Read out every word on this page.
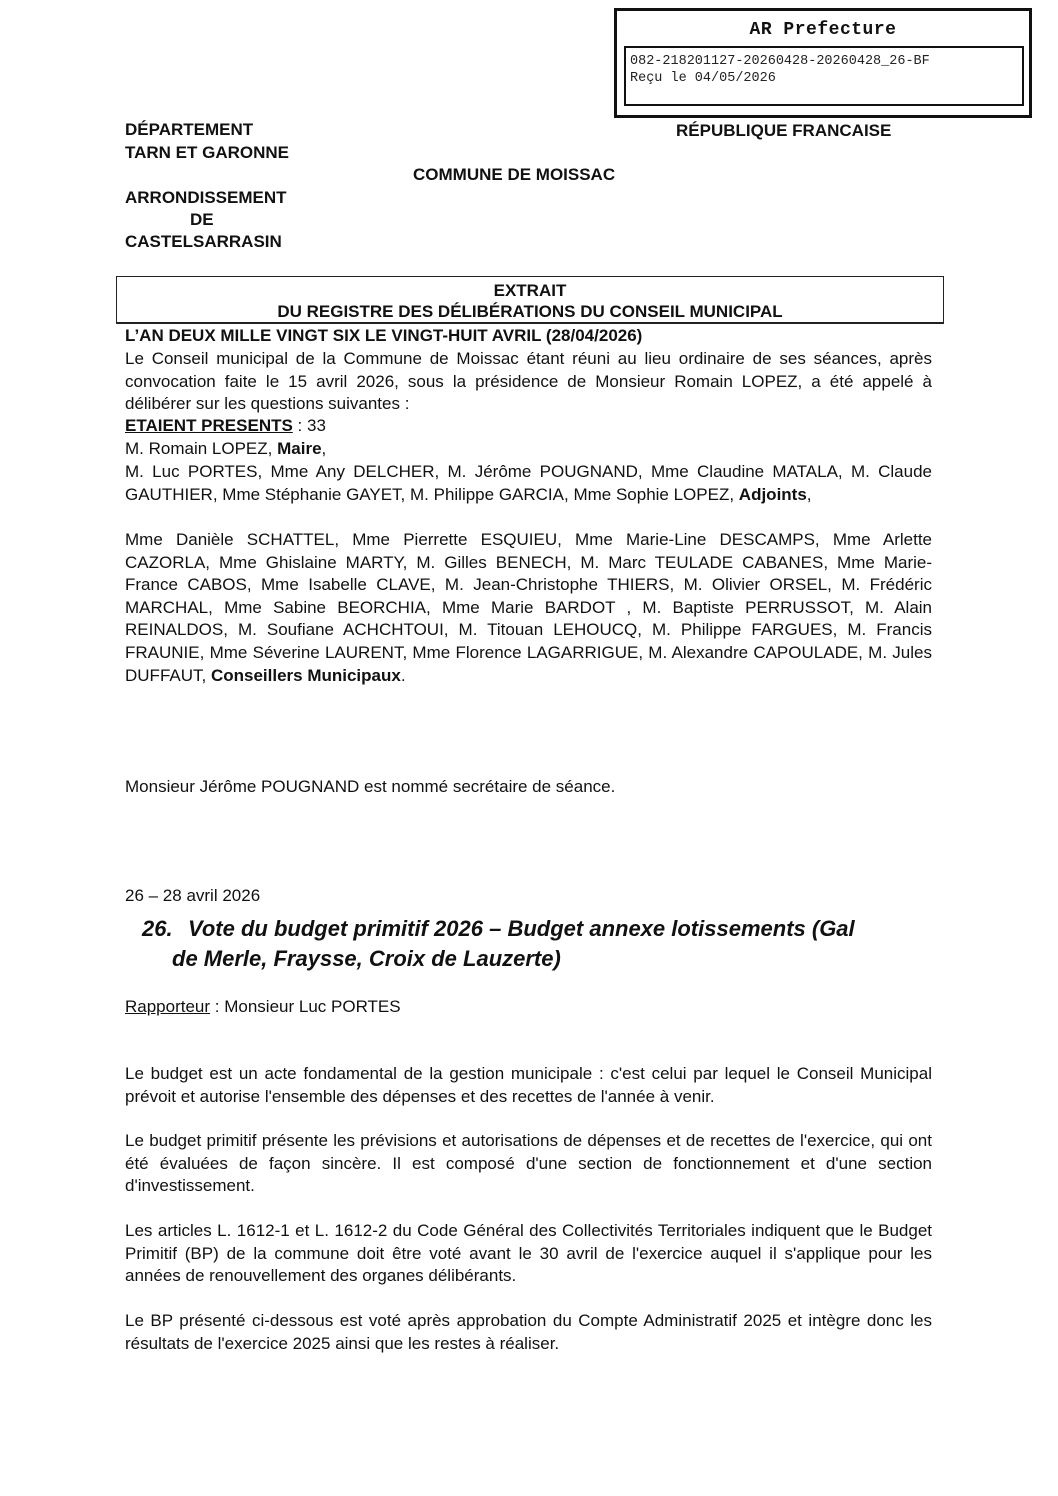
AR Prefecture
082-218201127-20260428-20260428_26-BF
Reçu le 04/05/2026
DÉPARTEMENT
TARN ET GARONNE
RÉPUBLIQUE FRANCAISE
COMMUNE DE MOISSAC
ARRONDISSEMENT
DE
CASTELSARRASIN
EXTRAIT
DU REGISTRE DES DÉLIBÉRATIONS DU CONSEIL MUNICIPAL
L’AN DEUX MILLE VINGT SIX LE VINGT-HUIT AVRIL (28/04/2026)
Le Conseil municipal de la Commune de Moissac étant réuni au lieu ordinaire de ses séances, après convocation faite le 15 avril 2026, sous la présidence de Monsieur Romain LOPEZ, a été appelé à délibérer sur les questions suivantes :
ETAIENT PRESENTS : 33
M. Romain LOPEZ, Maire,
M. Luc PORTES, Mme Any DELCHER, M. Jérôme POUGNAND, Mme Claudine MATALA, M. Claude GAUTHIER, Mme Stéphanie GAYET, M. Philippe GARCIA, Mme Sophie LOPEZ, Adjoints,
Mme Danièle SCHATTEL, Mme Pierrette ESQUIEU, Mme Marie-Line DESCAMPS, Mme Arlette CAZORLA, Mme Ghislaine MARTY, M. Gilles BENECH, M. Marc TEULADE CABANES, Mme Marie-France CABOS, Mme Isabelle CLAVE, M. Jean-Christophe THIERS, M. Olivier ORSEL, M. Frédéric MARCHAL, Mme Sabine BEORCHIA, Mme Marie BARDOT , M. Baptiste PERRUSSOT, M. Alain REINALDOS, M. Soufiane ACHCHTOUI, M. Titouan LEHOUCQ, M. Philippe FARGUES, M. Francis FRAUNIE, Mme Séverine LAURENT, Mme Florence LAGARRIGUE, M. Alexandre CAPOULADE, M. Jules DUFFAUT, Conseillers Municipaux.
Monsieur Jérôme POUGNAND est nommé secrétaire de séance.
26 – 28 avril 2026
26. Vote du budget primitif 2026 – Budget annexe lotissements (Gal
de Merle, Fraysse, Croix de Lauzerte)
Rapporteur : Monsieur Luc PORTES
Le budget est un acte fondamental de la gestion municipale : c'est celui par lequel le Conseil Municipal prévoit et autorise l'ensemble des dépenses et des recettes de l'année à venir.
Le budget primitif présente les prévisions et autorisations de dépenses et de recettes de l'exercice, qui ont été évaluées de façon sincère. Il est composé d'une section de fonctionnement et d'une section d'investissement.
Les articles L. 1612-1 et L. 1612-2 du Code Général des Collectivités Territoriales indiquent que le Budget Primitif (BP) de la commune doit être voté avant le 30 avril de l'exercice auquel il s'applique pour les années de renouvellement des organes délibérants.
Le BP présenté ci-dessous est voté après approbation du Compte Administratif 2025 et intègre donc les résultats de l'exercice 2025 ainsi que les restes à réaliser.
